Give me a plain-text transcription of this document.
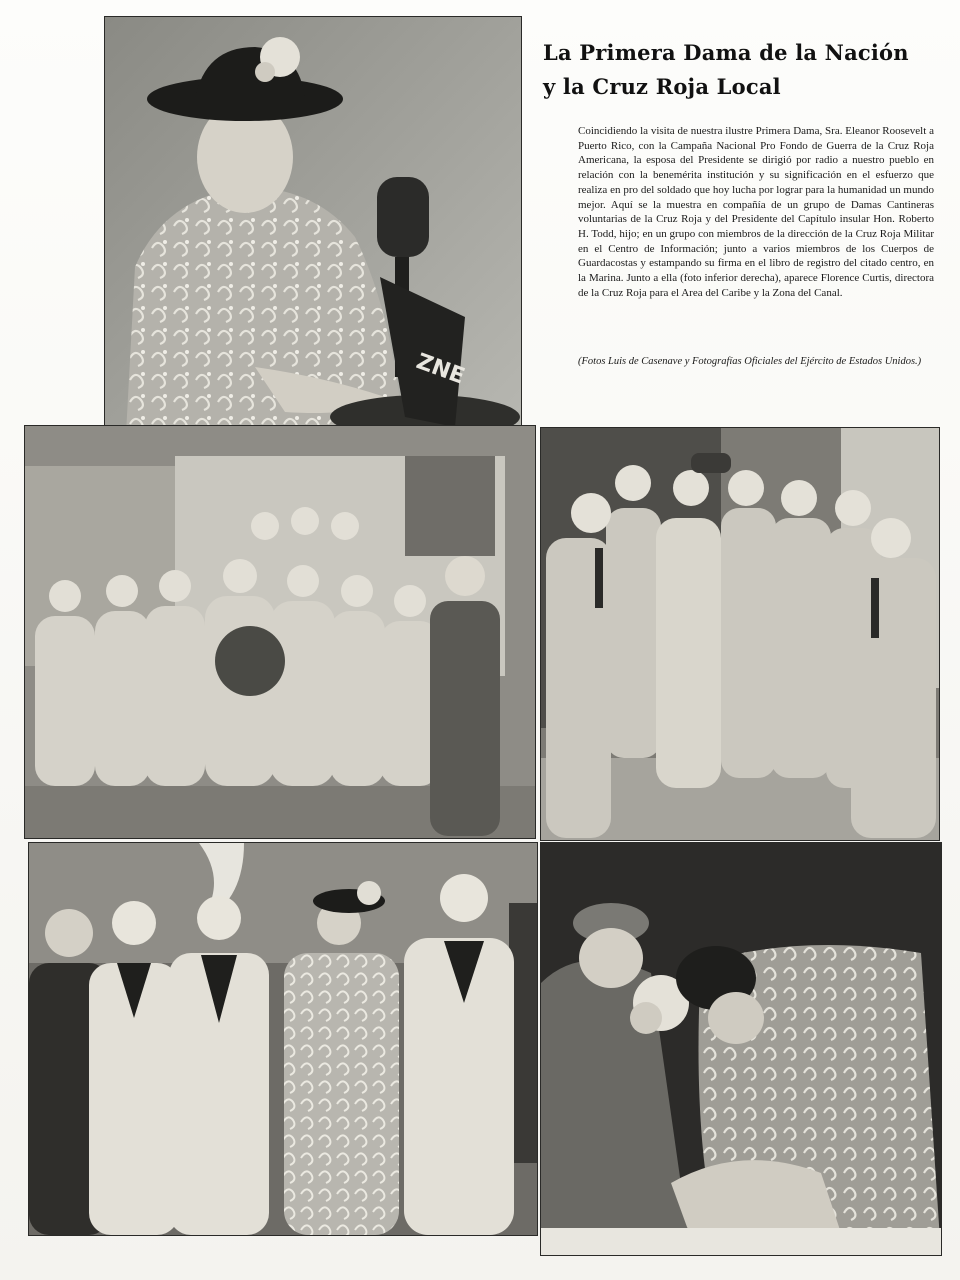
ZNE
La Primera Dama de la Nación
y la Cruz Roja Local
Coincidiendo la visita de nuestra ilustre Primera Dama, Sra. Eleanor Roosevelt a Puerto Rico, con la Campaña Nacional Pro Fondo de Guerra de la Cruz Roja Americana, la esposa del Presidente se dirigió por radio a nuestro pueblo en relación con la benemérita institución y su significación en el esfuerzo que realiza en pro del soldado que hoy lucha por lograr para la humanidad un mundo mejor. Aquí se la muestra en compañía de un grupo de Damas Cantineras voluntarias de la Cruz Roja y del Presidente del Capítulo insular Hon. Roberto H. Todd, hijo; en un grupo con miembros de la dirección de la Cruz Roja Militar en el Centro de Información; junto a varios miembros de los Cuerpos de Guardacostas y estampando su firma en el libro de registro del citado centro, en la Marina. Junto a ella (foto inferior derecha), aparece Florence Curtis, directora de la Cruz Roja para el Area del Caribe y la Zona del Canal.
(Fotos Luis de Casenave y Fotografías Oficiales del Ejército de Estados Unidos.)
